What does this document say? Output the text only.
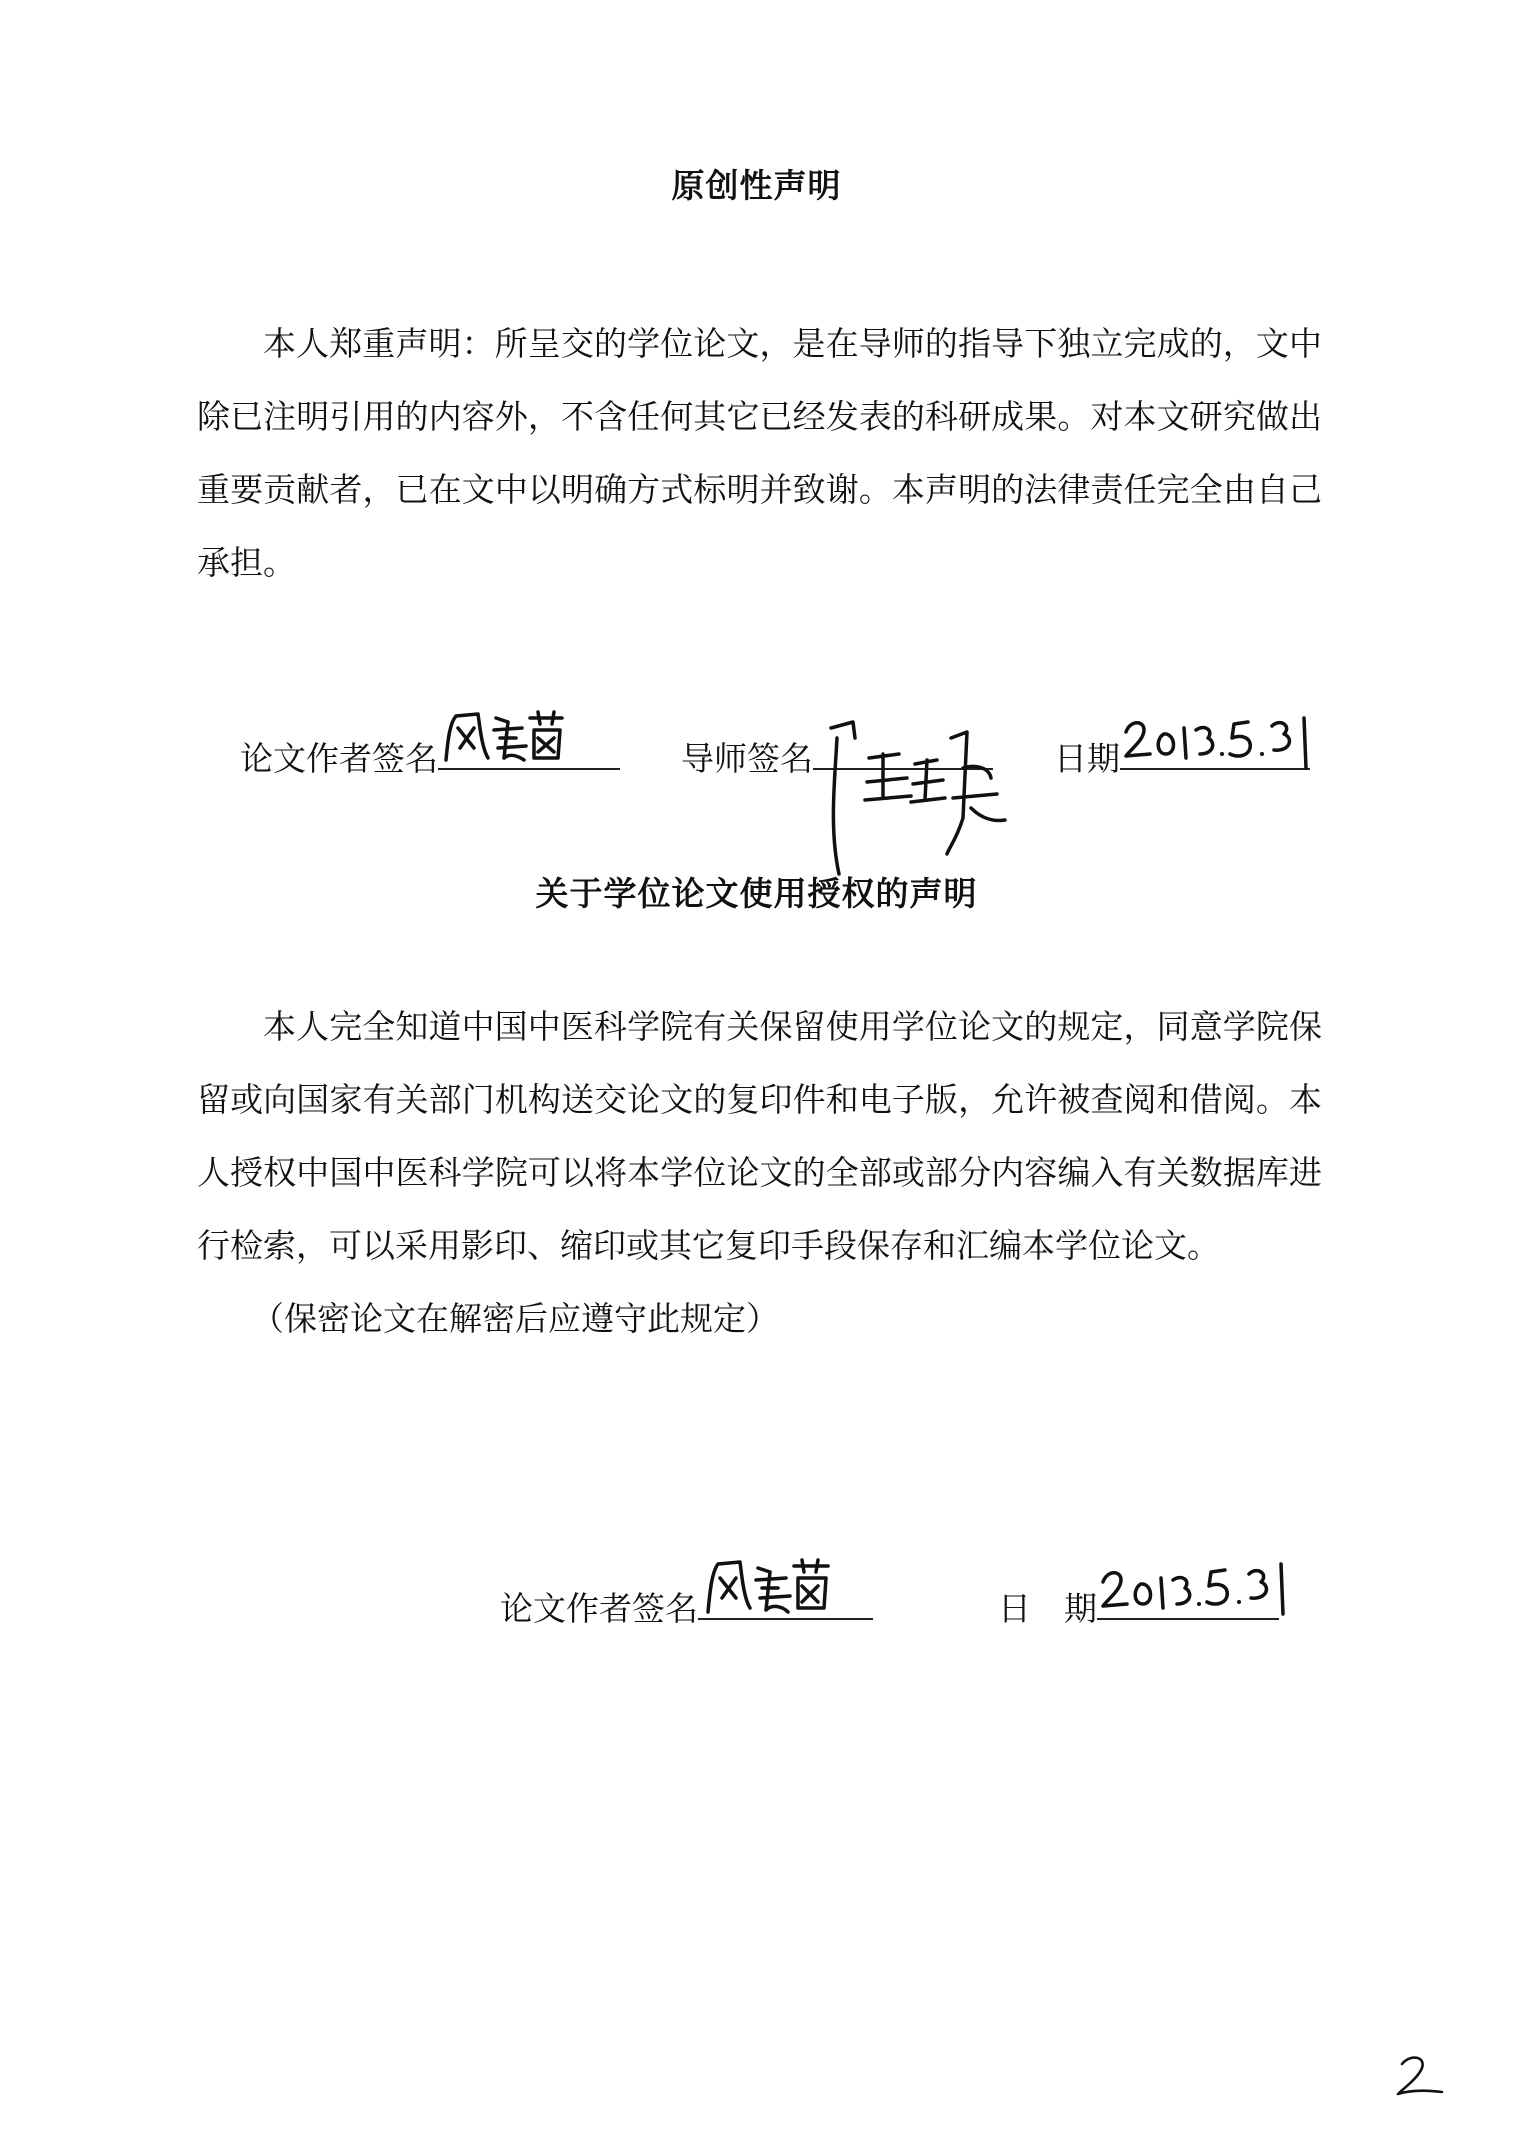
原创性声明

本人郑重声明：所呈交的学位论文，是在导师的指导下独立完成的，文中除已注明引用的内容外，不含任何其它已经发表的科研成果。对本文研究做出重要贡献者，已在文中以明确方式标明并致谢。本声明的法律责任完全由自己承担。

论文作者签名	导师签名	日期
关于学位论文使用授权的声明

本人完全知道中国中医科学院有关保留使用学位论文的规定，同意学院保留或向国家有关部门机构送交论文的复印件和电子版，允许被查阅和借阅。本人授权中国中医科学院可以将本学位论文的全部或部分内容编入有关数据库进行检索，可以采用影印、缩印或其它复印手段保存和汇编本学位论文。

（保密论文在解密后应遵守此规定）

论文作者签名	日　期
